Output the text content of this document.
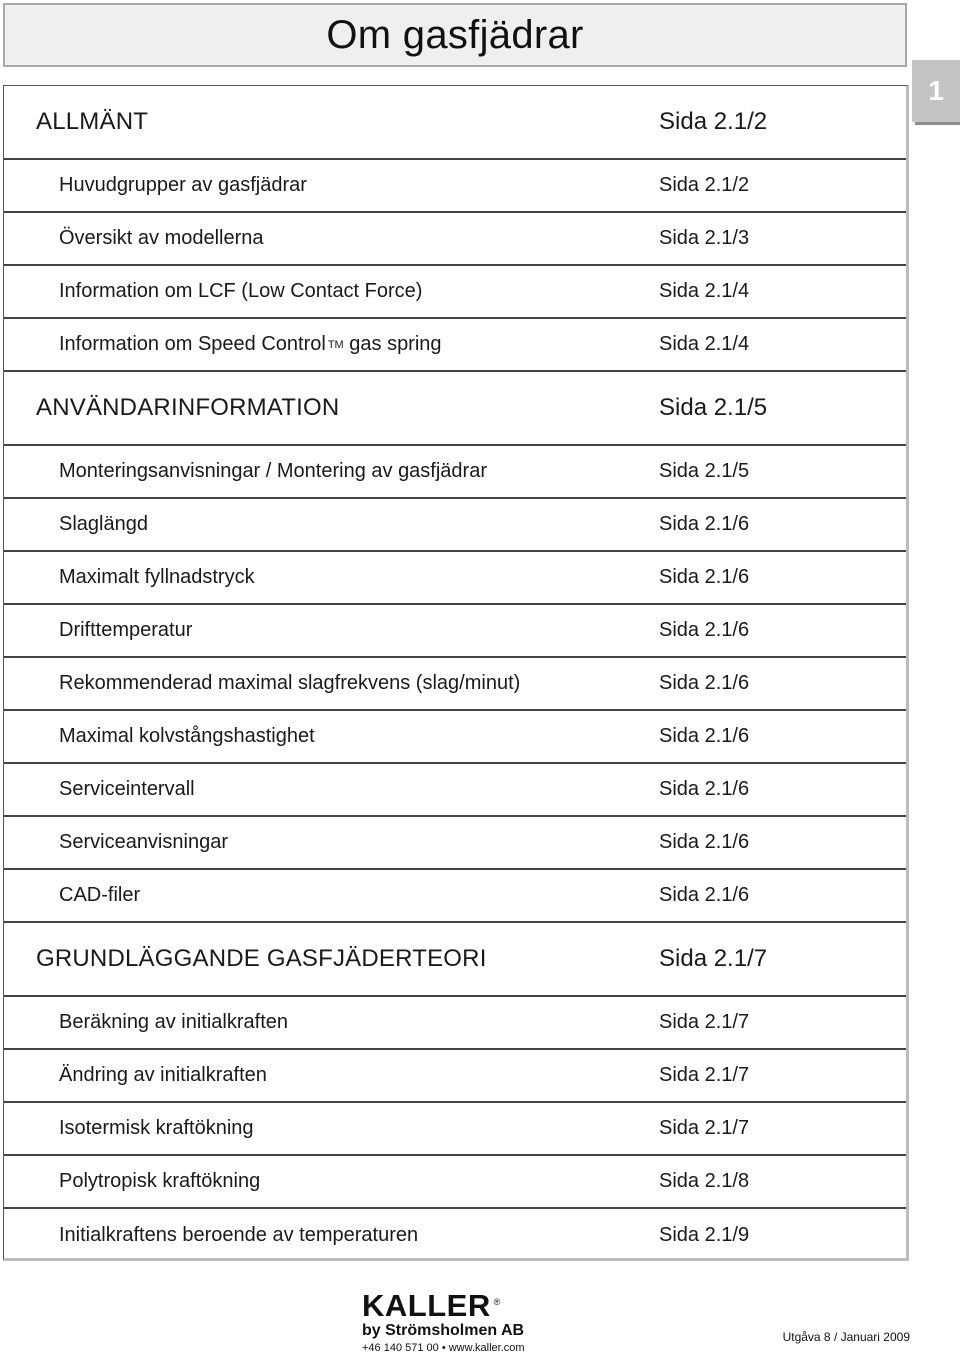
Om gasfjädrar
1
ALLMÄNT	Sida 2.1/2
Huvudgrupper av gasfjädrar	Sida 2.1/2
Översikt av modellerna	Sida 2.1/3
Information om LCF (Low Contact Force)	Sida 2.1/4
Information om Speed Control TM gas spring	Sida 2.1/4
ANVÄNDARINFORMATION	Sida 2.1/5
Monteringsanvisningar / Montering av gasfjädrar	Sida 2.1/5
Slaglängd	Sida 2.1/6
Maximalt fyllnadstryck	Sida 2.1/6
Drifttemperatur	Sida 2.1/6
Rekommenderad maximal slagfrekvens (slag/minut)	Sida 2.1/6
Maximal kolvstångshastighet	Sida 2.1/6
Serviceintervall	Sida 2.1/6
Serviceanvisningar	Sida 2.1/6
CAD-filer	Sida 2.1/6
GRUNDLÄGGANDE GASFJÄDERTEORI	Sida 2.1/7
Beräkning av initialkraften	Sida 2.1/7
Ändring av initialkraften	Sida 2.1/7
Isotermisk kraftökning	Sida 2.1/7
Polytropisk kraftökning	Sida 2.1/8
Initialkraftens beroende av temperaturen	Sida 2.1/9
KALLER ®
by Strömsholmen AB
+46 140 571 00 • www.kaller.com
Utgåva 8 / Januari 2009
